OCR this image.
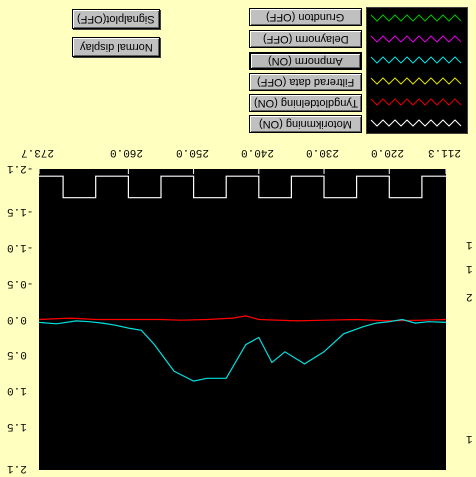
Signalplot(OFF)
Normal display
Grundton (OFF)
Delaynorm (OFF)
Ampnorm (ON)
Filtrerad data (OFF)
Tyngdlotdelning (ON)
Motorikmning (ON)
211.3
220.0
230.0
240.0
250.0
260.0
273.7
-2.1
-1.5
-1.0
-0.5
0.0
0.5
1.0
1.5
2.1
1
1
2
1
